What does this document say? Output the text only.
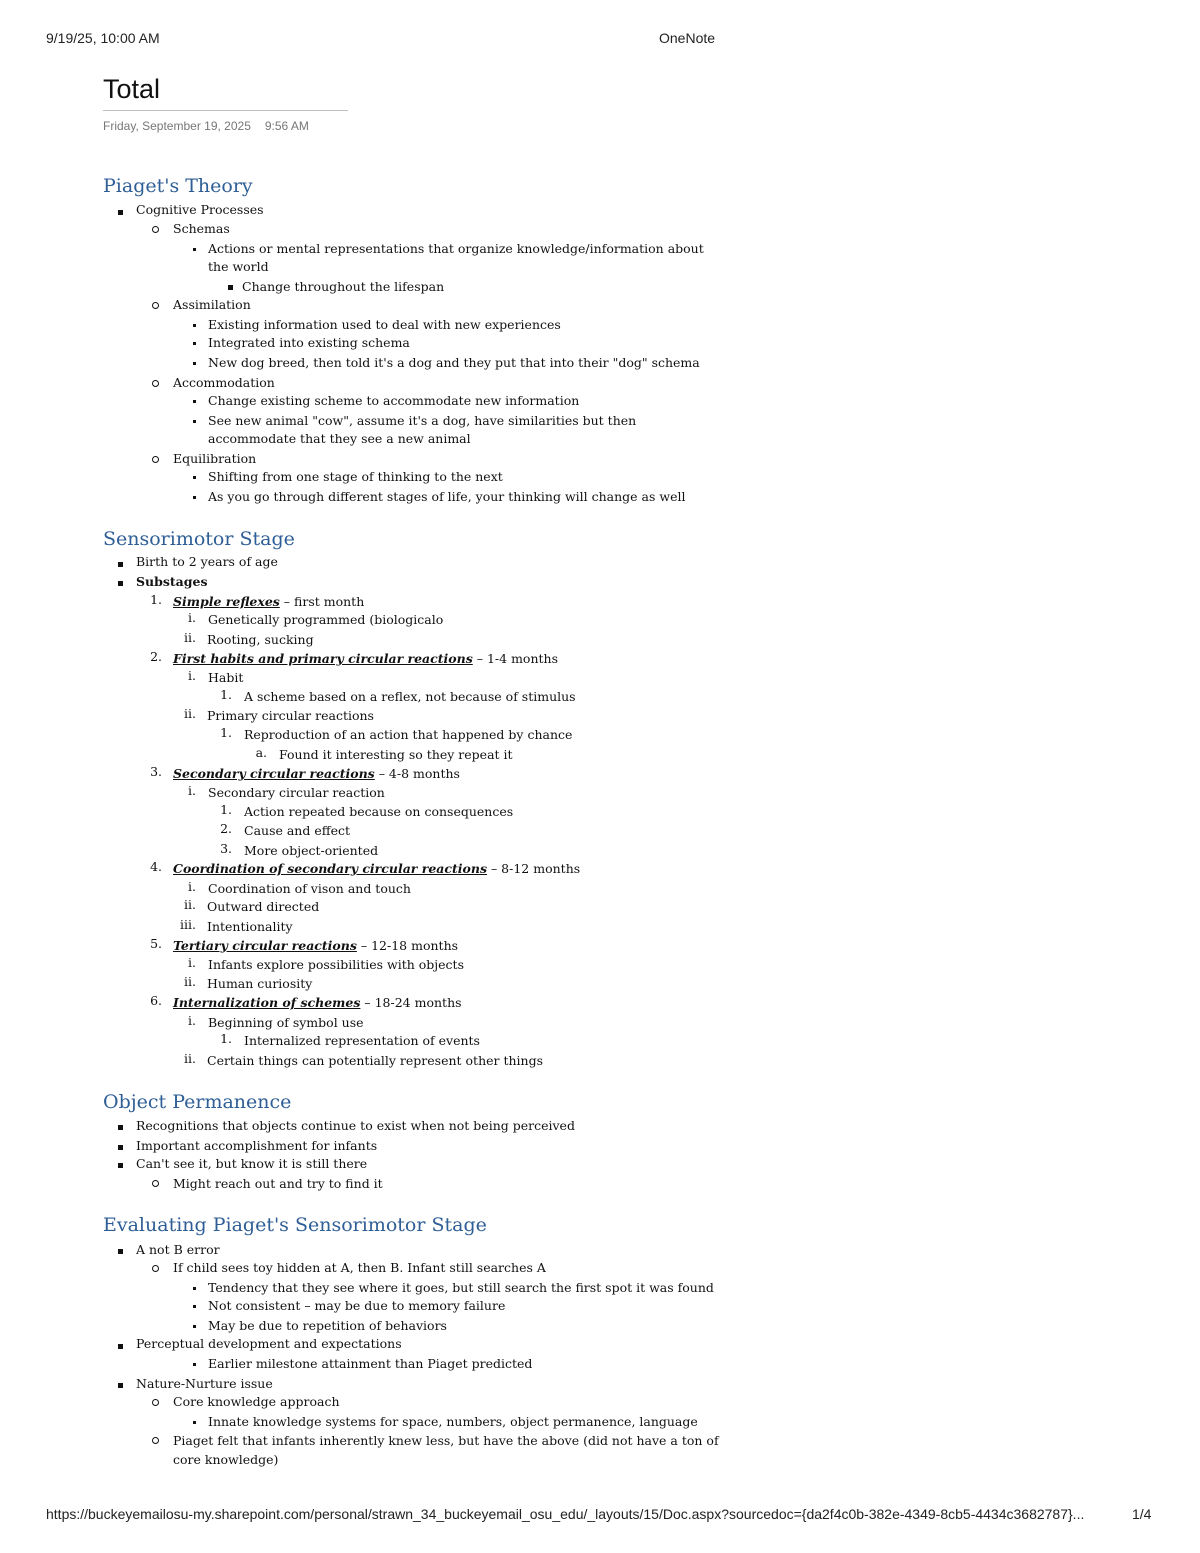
9/19/25, 10:00 AM	OneNote
Total
Friday, September 19, 2025 9:56 AM
Piaget's Theory
Cognitive Processes
Schemas
Actions or mental representations that organize knowledge/information about
the world
Change throughout the lifespan
Assimilation
Existing information used to deal with new experiences
Integrated into existing schema
New dog breed, then told it's a dog and they put that into their "dog" schema
Accommodation
Change existing scheme to accommodate new information
See new animal "cow", assume it's a dog, have similarities but then
accommodate that they see a new animal
Equilibration
Shifting from one stage of thinking to the next
As you go through different stages of life, your thinking will change as well
Sensorimotor Stage
Birth to 2 years of age
Substages
1. Simple reflexes – first month
i. Genetically programmed (biologicalo
ii. Rooting, sucking
2. First habits and primary circular reactions – 1-4 months
i. Habit
1. A scheme based on a reflex, not because of stimulus
ii. Primary circular reactions
1. Reproduction of an action that happened by chance
a. Found it interesting so they repeat it
3. Secondary circular reactions – 4-8 months
i. Secondary circular reaction
1. Action repeated because on consequences
2. Cause and effect
3. More object-oriented
4. Coordination of secondary circular reactions – 8-12 months
i. Coordination of vison and touch
ii. Outward directed
iii. Intentionality
5. Tertiary circular reactions – 12-18 months
i. Infants explore possibilities with objects
ii. Human curiosity
6. Internalization of schemes – 18-24 months
i. Beginning of symbol use
1. Internalized representation of events
ii. Certain things can potentially represent other things
Object Permanence
Recognitions that objects continue to exist when not being perceived
Important accomplishment for infants
Can't see it, but know it is still there
Might reach out and try to find it
Evaluating Piaget's Sensorimotor Stage
A not B error
If child sees toy hidden at A, then B. Infant still searches A
Tendency that they see where it goes, but still search the first spot it was found
Not consistent – may be due to memory failure
May be due to repetition of behaviors
Perceptual development and expectations
Earlier milestone attainment than Piaget predicted
Nature-Nurture issue
Core knowledge approach
Innate knowledge systems for space, numbers, object permanence, language
Piaget felt that infants inherently knew less, but have the above (did not have a ton of
core knowledge)
https://buckeyemailosu-my.sharepoint.com/personal/strawn_34_buckeyemail_osu_edu/_layouts/15/Doc.aspx?sourcedoc={da2f4c0b-382e-4349-8cb5-4434c3682787}...	1/4
